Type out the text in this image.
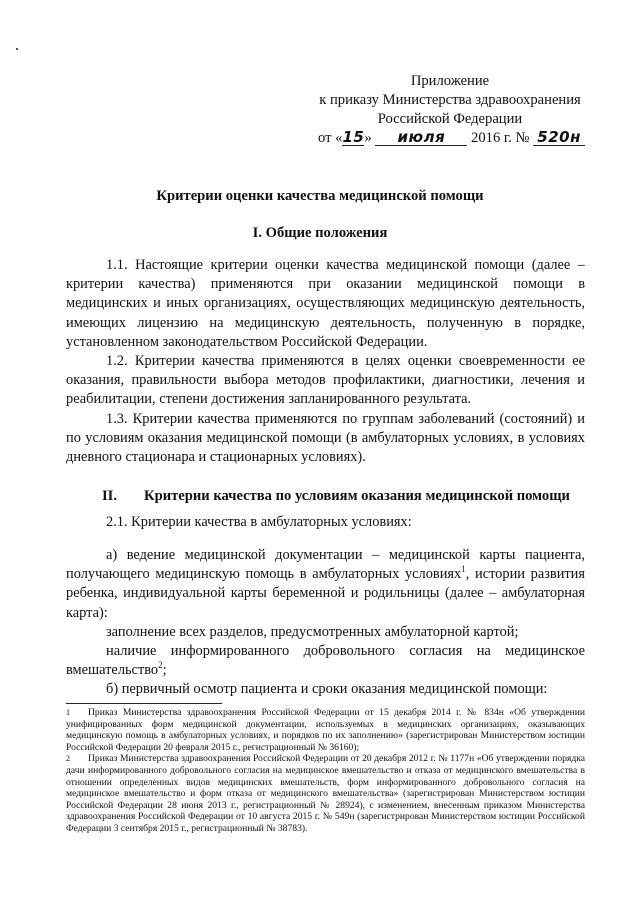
Приложение
к приказу Министерства здравоохранения
Российской Федерации
от «15» июля 2016 г. № 520н
Критерии оценки качества медицинской помощи
I. Общие положения

1.1. Настоящие критерии оценки качества медицинской помощи (далее – критерии качества) применяются при оказании медицинской помощи в медицинских и иных организациях, осуществляющих медицинскую деятельность, имеющих лицензию на медицинскую деятельность, полученную в порядке, установленном законодательством Российской Федерации.

1.2. Критерии качества применяются в целях оценки своевременности ее оказания, правильности выбора методов профилактики, диагностики, лечения и реабилитации, степени достижения запланированного результата.

1.3. Критерии качества применяются по группам заболеваний (состояний) и по условиям оказания медицинской помощи (в амбулаторных условиях, в условиях дневного стационара и стационарных условиях).

II. Критерии качества по условиям оказания медицинской помощи

2.1. Критерии качества в амбулаторных условиях:

а) ведение медицинской документации – медицинской карты пациента, получающего медицинскую помощь в амбулаторных условиях$^1$, истории развития ребенка, индивидуальной карты беременной и родильницы (далее – амбулаторная карта):

заполнение всех разделов, предусмотренных амбулаторной картой;

наличие информированного добровольного согласия на медицинское вмешательство$^2$;

б) первичный осмотр пациента и сроки оказания медицинской помощи:

1 Приказ Министерства здравоохранения Российской Федерации от 15 декабря 2014 г. № 834н «Об утверждении унифицированных форм медицинской документации, используемых в медицинских организациях, оказывающих медицинскую помощь в амбулаторных условиях, и порядков по их заполнению» (зарегистрирован Министерством юстиции Российской Федерации 20 февраля 2015 г., регистрационный № 36160);

2 Приказ Министерства здравоохранения Российской Федерации от 20 декабря 2012 г. № 1177н «Об утверждении порядка дачи информированного добровольного согласия на медицинское вмешательство и отказа от медицинского вмешательства в отношении определенных видов медицинских вмешательств, форм информированного добровольного согласия на медицинское вмешательство и форм отказа от медицинского вмешательства» (зарегистрирован Министерством юстиции Российской Федерации 28 июня 2013 г., регистрационный № 28924), с изменением, внесенным приказом Министерства здравоохранения Российской Федерации от 10 августа 2015 г. № 549н (зарегистрирован Министерством юстиции Российской Федерации 3 сентября 2015 г., регистрационный № 38783).
